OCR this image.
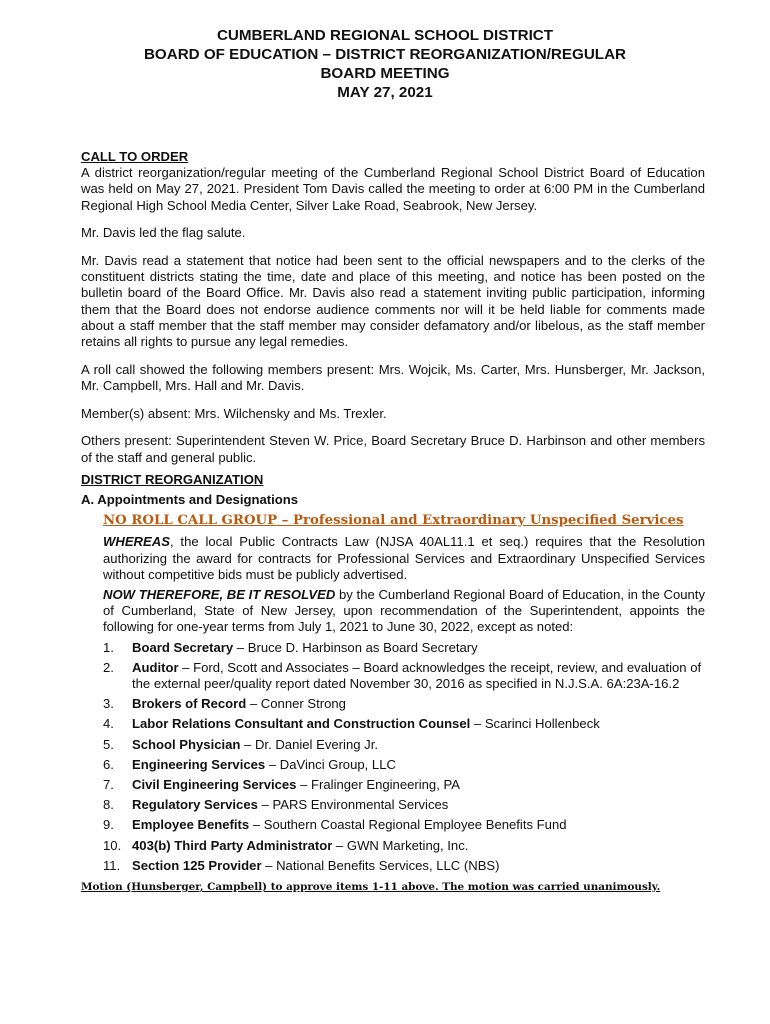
CUMBERLAND REGIONAL SCHOOL DISTRICT
BOARD OF EDUCATION – DISTRICT REORGANIZATION/REGULAR
BOARD MEETING
MAY 27, 2021
CALL TO ORDER

A district reorganization/regular meeting of the Cumberland Regional School District Board of Education was held on May 27, 2021. President Tom Davis called the meeting to order at 6:00 PM in the Cumberland Regional High School Media Center, Silver Lake Road, Seabrook, New Jersey.

Mr. Davis led the flag salute.

Mr. Davis read a statement that notice had been sent to the official newspapers and to the clerks of the constituent districts stating the time, date and place of this meeting, and notice has been posted on the bulletin board of the Board Office. Mr. Davis also read a statement inviting public participation, informing them that the Board does not endorse audience comments nor will it be held liable for comments made about a staff member that the staff member may consider defamatory and/or libelous, as the staff member retains all rights to pursue any legal remedies.

A roll call showed the following members present: Mrs. Wojcik, Ms. Carter, Mrs. Hunsberger, Mr. Jackson, Mr. Campbell, Mrs. Hall and Mr. Davis.

Member(s) absent: Mrs. Wilchensky and Ms. Trexler.

Others present: Superintendent Steven W. Price, Board Secretary Bruce D. Harbinson and other members of the staff and general public.

DISTRICT REORGANIZATION
A. Appointments and Designations
NO ROLL CALL GROUP – Professional and Extraordinary Unspecified Services

WHEREAS, the local Public Contracts Law (NJSA 40AL11.1 et seq.) requires that the Resolution authorizing the award for contracts for Professional Services and Extraordinary Unspecified Services without competitive bids must be publicly advertised.

NOW THEREFORE, BE IT RESOLVED by the Cumberland Regional Board of Education, in the County of Cumberland, State of New Jersey, upon recommendation of the Superintendent, appoints the following for one-year terms from July 1, 2021 to June 30, 2022, except as noted:

1.	Board Secretary – Bruce D. Harbinson as Board Secretary
2.	Auditor – Ford, Scott and Associates – Board acknowledges the receipt, review, and evaluation of the external peer/quality report dated November 30, 2016 as specified in N.J.S.A. 6A:23A-16.2
3.	Brokers of Record – Conner Strong
4.	Labor Relations Consultant and Construction Counsel – Scarinci Hollenbeck
5.	School Physician – Dr. Daniel Evering Jr.
6.	Engineering Services – DaVinci Group, LLC
7.	Civil Engineering Services – Fralinger Engineering, PA
8.	Regulatory Services – PARS Environmental Services
9.	Employee Benefits – Southern Coastal Regional Employee Benefits Fund
10. 403(b) Third Party Administrator – GWN Marketing, Inc.
11. Section 125 Provider – National Benefits Services, LLC (NBS)
Motion (Hunsberger, Campbell) to approve items 1-11 above. The motion was carried unanimously.
